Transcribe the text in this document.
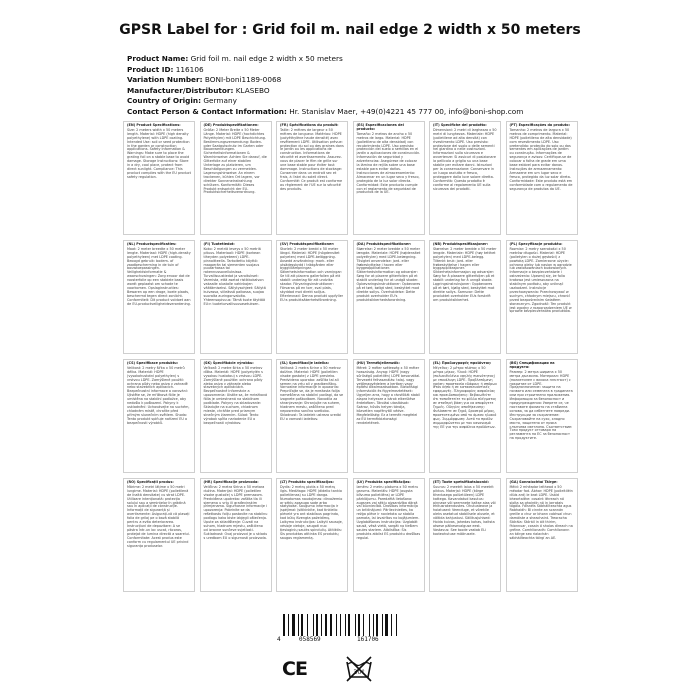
GPSR Label for : Grid foil m. nail edge 2 width x 50 meters
Product Name: Grid foil m. nail edge 2 width x 50 meters
Product ID: 116106
Variation Number: BONI-boni1189-0068
Manufacturer/Distributor: KLASEBO
Country of Origin: Germany
Contact Person & Contact Information: Hr. Stanislav Maer, +49(0)4221 45 777 00, info@boni-shop.com
(EN) Product Specifications:
Size: 2 meters width x 50 meters length. Material: HDPE (high density polyethylene) with LDPE coating. Intended Use: soil or seed protection in the garden or construction applications. Safety Information & Warnings: Make sure to place the grating foil on a stable base to avoid damage. Storage Instructions: Store in a dry, cool place, protect from direct sunlight. Compliance: This product complies with the EU product safety regulation.
(DE) Produktspezifikationen:
Größe: 2 Meter Breite x 50 Meter Länge. Material: HDPE (hochdichtes Polyethylen) mit LDPE Beschichtung. Bestimmungsverwendung: Boden- oder Saatgutschutz im Garten oder Bauanwendungen. Sicherheitsinformationen & Warnhinweise: Achten Sie darauf, die Gitterfolie auf einer stabilen Unterlage zu platzieren, um Beschädigungen zu vermeiden. Lagerungshinweise: An einem trockenen, kühlen Ort lagern, vor direkter Sonneneinstrahlung schützen. Konformität: Dieses Produkt entspricht der EU-Produktsicherheitsverordnung.
(FR) Spécifications du produit:
Taille: 2 mètres de largeur x 50 mètres de longueur. Matériau: HDPE (polyéthylène haute densité) avec revêtement LDPE. Utilisation prévue: protection du sol ou des graines dans le jardin ou les applications de construction. Informations de sécurité et avertissements: Assurez-vous de placer le film de grille sur une base stable pour éviter tout dommage. Instructions de stockage: Conserver dans un endroit sec et frais, à l'abri du soleil direct. Conformité: Ce produit est conforme au règlement de l'UE sur la sécurité des produits.
(ES) Especificaciones del producto:
Tamaño: 2 metros de ancho x 50 metros de largo. Material: HDPE (polietileno de alta densidad) con recubrimiento LDPE. Uso previsto: protección del suelo o semillas en el jardín o aplicaciones de construcción. Información de seguridad y advertencias: Asegúrese de colocar la lámina de rejilla sobre una base estable para evitar daños. Instrucciones de almacenamiento: Almacenar en un lugar seco y fresco, protegido de la luz solar directa. Conformidad: Este producto cumple con el reglamento de seguridad de productos de la UE.
(IT) Specifiche del prodotto:
Dimensioni: 2 metri di larghezza x 50 metri di lunghezza. Materiale: HDPE (polietilene ad alta densità) con rivestimento LDPE. Uso previsto: protezione del suolo o delle sementi nel giardino o nelle costruzioni. Informazioni sulla sicurezza e avvertenze: Si assicuri di posizionare la pellicola a griglia su una base stabile per evitare danni. Istruzioni per la conservazione: Conservare in un luogo asciutto e fresco, proteggere dalla luce solare diretta. Conformità: Questo prodotto è conforme al regolamento UE sulla sicurezza dei prodotti.
(PT) Especificações do produto:
Tamanho: 2 metros de largura x 50 metros de comprimento. Material: HDPE (polietileno de alta densidade) com revestimento LDPE. Uso pretendido: proteção do solo ou das sementes em aplicações de jardim ou construção. Informações de segurança e avisos: Certifique-se de colocar a folha de grade em uma base estável para evitar danos. Instruções de armazenamento: Armazene em um lugar seco e fresco, protegido da luz solar direta. Conformidade: Este produto está em conformidade com o regulamento de segurança de produtos da UE.
(NL) Productspecificaties:
Maat: 2 meter breedte x 50 meter lengte. Materiaal: HDPE (high-density polyethyleen) met LDPE coating. Beoogd gebruik: bodem- of zaadbescherming in de tuin of bouwtoepassingen. Veiligheidsinformatie & waarschuwingen: Zorg ervoor dat de roosterfolie op een stabiele basis wordt geplaatst om schade te voorkomen. Opslaginstructies: Bewaren op een droge, koele plaats, beschermd tegen direct zonlicht. Conformiteit: Dit product voldoet aan de EU-productveiligheidsverordening.
(FI) Tuotetiedot:
Koko: 2 metriä leveys x 50 metriä pituus. Materiaali: HDPE (korkean tiheyden polyeteeni) LDPE-pinnoitteella. Tarkoitettu käyttö: maaperän tai siementen suojaus puutarhassa tai rakennussovelluksissa. Turvallisuustiedot ja varoitukset: Varmista, että asetat ristikkokalvon vakaalle alustalle vahinkojen välttämiseksi. Säilytysohjeet: Säilytä kuivassa, viileässä paikassa, suojaa suoralta auringonvalolta. Yhteensopivuus: Tämä tuote täyttää EU:n tuoteturvallisuusasetuksen.
(SV) Produktspecifikationer:
Storlek: 2 meter bredd x 50 meter längd. Material: HDPE (högdensitet polyeten) med LDPE-beläggning. Avsedd användning: mark- eller utsädesskydd i trädgården eller byggtillämpningar. Säkerhetsinformation och varningar: Se till att placera gallerfolien på ett stabilt underlag för att undvika skador. Förvaringsinstruktioner: Förvaras på en torr, sval plats, skyddad mot direkt solljus. Efterlevnad: Denna produkt uppfyller EU:s produktsäkerhetsförordning.
(DA) Produktspecifikationer:
Størrelse: 2 meter bredde x 50 meter længde. Materiale: HDPE (højdensitet polyethylen) med LDPE-belægning. Tilsigtet anvendelse: jord- eller frøbeskyttelse i haven eller byggeapplikationer. Sikkerhedsinformation og advarsler: Sørg for at placere gitterfolien på et stabilt underlag for at undgå skader. Opbevaringsinstruktioner: Opbevares på et tørt, køligt sted, beskyttet mod direkte sollys. Overholdelse: Dette produkt overholder EU's produktsikkerhedsforordning.
(NB) Produktspesifikasjoner:
Størrelse: 2 meter bredde x 50 meter lengde. Materiale: HDPE (høy tetthet polyetylen) med LDPE-belegg. Tiltenkt bruk: jord- eller frøbeskyttelse i hagen eller byggapplikasjoner. Sikkerhetsinformasjon og advarsler: Sørg for å plassere gitterfolien på et stabilt underlag for å unngå skade. Lagringsinstruksjoner: Oppbevares på et tørt, kjølig sted, beskyttet mot direkte sollys. Samsvar: Dette produktet overholder EUs forskrift om produktsikkerhet.
(PL) Specyfikacje produktu:
Rozmiar: 2 metry szerokości x 50 metrów długości. Materiał: HDPE (polietylen o dużej gęstości) z powłoką LDPE. Zamierzone użycie: ochrona gleby lub nasion w ogrodzie lub zastosowaniach budowlanych. Informacje o bezpieczeństwie i ostrzeżenia: Upewnij się, że folia kratowa jest umieszczona na stabilnym podłożu, aby uniknąć uszkodzeń. Instrukcje przechowywania: Przechowywać w suchym, chłodnym miejscu, chronić przed bezpośrednim światłem słonecznym. Zgodność: Ten produkt jest zgodny z rozporządzeniem UE w sprawie bezpieczeństwa produktów.
(CS) Specifikace produktu:
Velikost: 2 metry šířka x 50 metrů délka. Materiál: HDPE (vysokohustotní polyethylen) s vrstvou LDPE. Zamýšlené použití: ochrana půdy nebo osiva v zahradě nebo stavebních aplikacích. Bezpečnostní informace a varování: Ujistěte se, že mřížková fólie je umístěna na stabilní podložce, aby nedošlo k poškození. Pokyny k uskladnění: Uchovávejte na suchém, chladném místě, chraňte před přímým slunečním světlem. Shoda: Tento produkt splňuje nařízení EU o bezpečnosti výrobků.
(SK) Špecifikácie výrobku:
Veľkosť: 2 metre šírka x 50 metrov dĺžka. Materiál: HDPE (polyetylén s vysokou hustotou) s vrstvou LDPE. Zamýšľané použitie: ochrana pôdy alebo osiva v záhrade alebo stavebných aplikáciách. Bezpečnostné informácie a upozornenia: Uistite sa, že mriežková fólia je umiestnená na stabilnom podklade. Pokyny na skladovanie: Skladujte na suchom, chladnom mieste, chráňte pred priamym slnečným žiarením. Súlad: Tento výrobok spĺňa nariadenie EÚ o bezpečnosti výrobkov.
(SL) Specifikacije izdelka:
Velikost: 2 metra širine x 50 metrov dolžine. Material: HDPE (polietilen visoke gostote) z LDPE prevleko. Predvidena uporaba: zaščita tal ali semen na vrtu ali v gradbeništvu. Varnostne informacije in opozorila: Prepričajte se, da je mrežasta folija nameščena na stabilni podlagi, da se izognete poškodbam. Navodila za shranjevanje: Shranjujte na suhem, hladnem mestu, zaščiteno pred neposredno sončno svetlobo. Skladnost: Ta izdelek ustreza uredbi EU o varnosti izdelkov.
(HU) Termékjellemzők:
Méret: 2 méter szélesség x 50 méter hosszúság. Anyag: HDPE (nagy sűrűségű polietilén) LDPE bevonattal. Tervezett felhasználás: talaj- vagy vetőmagvédelem a kertben vagy építési alkalmazásokban. Biztonsági információk és figyelmeztetések: Ügyeljen arra, hogy a rácsfóliát stabil alapra helyezze a károk elkerülése érdekében. Tárolási utasítások: Száraz, hűvös helyen tárolja, közvetlen napfénytől védve. Megfelelőség: Ez a termék megfelel az EU termékbiztonsági rendeletének.
(EL) Προδιαγραφές προϊόντος:
Μέγεθος: 2 μέτρα πλάτος x 50 μέτρα μήκος. Υλικό: HDPE (πολυαιθυλένιο υψηλής πυκνότητας) με επικάλυψη LDPE. Προβλεπόμενη χρήση: προστασία εδάφους ή σπόρων στον κήπο ή σε κατασκευαστικές εφαρμογές. Πληροφορίες ασφαλείας και προειδοποιήσεις: Βεβαιωθείτε ότι τοποθετείτε το φύλλο πλέγματος σε σταθερή βάση για να αποφύγετε ζημιές. Οδηγίες αποθήκευσης: Φυλάσσετε σε ξηρό, δροσερό μέρος, προστατευμένο από το άμεσο ηλιακό φως. Συμμόρφωση: Αυτό το προϊόν συμμορφώνεται με τον κανονισμό της ΕΕ για την ασφάλεια προϊόντων.
(BG) Спецификации на продукта:
Размер: 2 метра ширина x 50 метра дължина. Материал: HDPE (полиетилен с висока плътност) с покритие от LDPE. Предназначение: защита на почвата или семената в градината или при строителни приложения. Информация за безопасност и предупреждения: Уверете се, че поставяте фолиото на стабилна основа, за да избегнете повреди. Инструкции за съхранение: Съхранявайте на сухо, хладно място, защитено от пряка слънчева светлина. Съответствие: Този продукт отговаря на регламента на ЕС за безопасност на продуктите.
(RO) Specificații produs:
Mărime: 2 metri lățime x 50 metri lungime. Material: HDPE (polietilenă de înaltă densitate) cu strat LDPE. Utilizare intenționată: protecția solului sau a semințelor în grădină sau în aplicații de construcție. Informații de siguranță și avertismente: Asigurați-vă că plasați folia de grilaj pe o bază stabilă pentru a evita deteriorarea. Instrucțiuni de depozitare: A se păstra într-un loc uscat, răcoros, protejat de lumina directă a soarelui. Conformitate: Acest produs este conform cu regulamentul UE privind siguranța produselor.
(HR) Specifikacije proizvoda:
Veličina: 2 metra širina x 50 metara dužina. Materijal: HDPE (polietilen visoke gustoće) s LDPE premazom. Predviđena upotreba: zaštita tla ili sjemena u vrtu ili građevinskim primjenama. Sigurnosne informacije i upozorenja: Pobrinite se da rešetkastu foliju postavite na stabilnu podlogu kako biste izbjegli oštećenja. Upute za skladištenje: Čuvati na suhom, hladnom mjestu, zaštićeno od izravne sunčeve svjetlosti. Sukladnost: Ovaj proizvod je u skladu s uredbom EU o sigurnosti proizvoda.
(LT) Produkto specifikacijos:
Dydis: 2 metrų plotis x 50 metrų ilgis. Medžiaga: HDPE (didelio tankio polietilenas) su LDPE danga. Numatomas naudojimas: dirvožemio ar sėklų apsauga sode arba statybose. Saugumo informacija ir įspėjimai: Įsitikinkite, kad tinklelio plėvelė yra ant stabilaus pagrindo, kad būtų išvengta pažeidimų. Laikymo instrukcijos: Laikyti sausoje, vėsioje vietoje, saugoti nuo tiesioginių saulės spindulių. Atitiktis: Šis produktas atitinka ES produktų saugos reglamentą.
(LV) Produkta specifikācijas:
Izmērs: 2 metru platums x 50 metru garums. Materiāls: HDPE (augsta blīvuma polietilēns) ar LDPE pārklājumu. Paredzētā lietošana: augsnes vai sēklu aizsardzība dārzā vai būvniecībā. Drošības informācija un brīdinājumi: Pārliecinieties, ka režģa plēve ir novietota uz stabila pamata, lai izvairītos no bojājumiem. Uzglabāšanas instrukcijas: Uzglabāt sausā, vēsā vietā, sargāt no tiešiem saules stariem. Atbilstība: Šis produkts atbilst ES produktu drošības regulai.
(ET) Toote spetsifikatsioonid:
Suurus: 2 meetrit laius x 50 meetrit pikkus. Materjal: HDPE (kõrge tihedusega polüetüleen) LDPE kattega. Kavandatud kasutus: pinnase või seemnete kaitse aias või ehitusrakendustes. Ohutusteave ja hoiatused: Veenduge, et võrekile oleks asetatud stabiilsele alusele, et vältida kahjustusi. Säilitusjuhised: Hoida kuivas, jahedas kohas, kaitsta otsese päikesevalguse eest. Vastavus: See toode vastab ELi tooteohutuse määrusele.
(GA) Sonraíochtaí Táirge:
Méid: 2 mhéadar leithead x 50 méadar fad. Ábhar: HDPE (poileitiléin dlúis ard) le brat LDPE. Úsáid bheartaithe: cosaint ithreach nó síolta sa ghairdín nó in iarratais tógála. Faisnéis Sábháilteachta agus Rabhaidh: Bí cinnte an scannán greille a chur ar bhonn cobhsaí chun damáiste a sheachaint. Treoracha Stórála: Stóráil in áit thirim, fhionnuar, cosain ó sholas díreach na gréine. Comhlíonadh: Comhlíonann an táirge seo rialachán sábháilteachta táirgí an AE.
4	058569	161706
CE	30°
